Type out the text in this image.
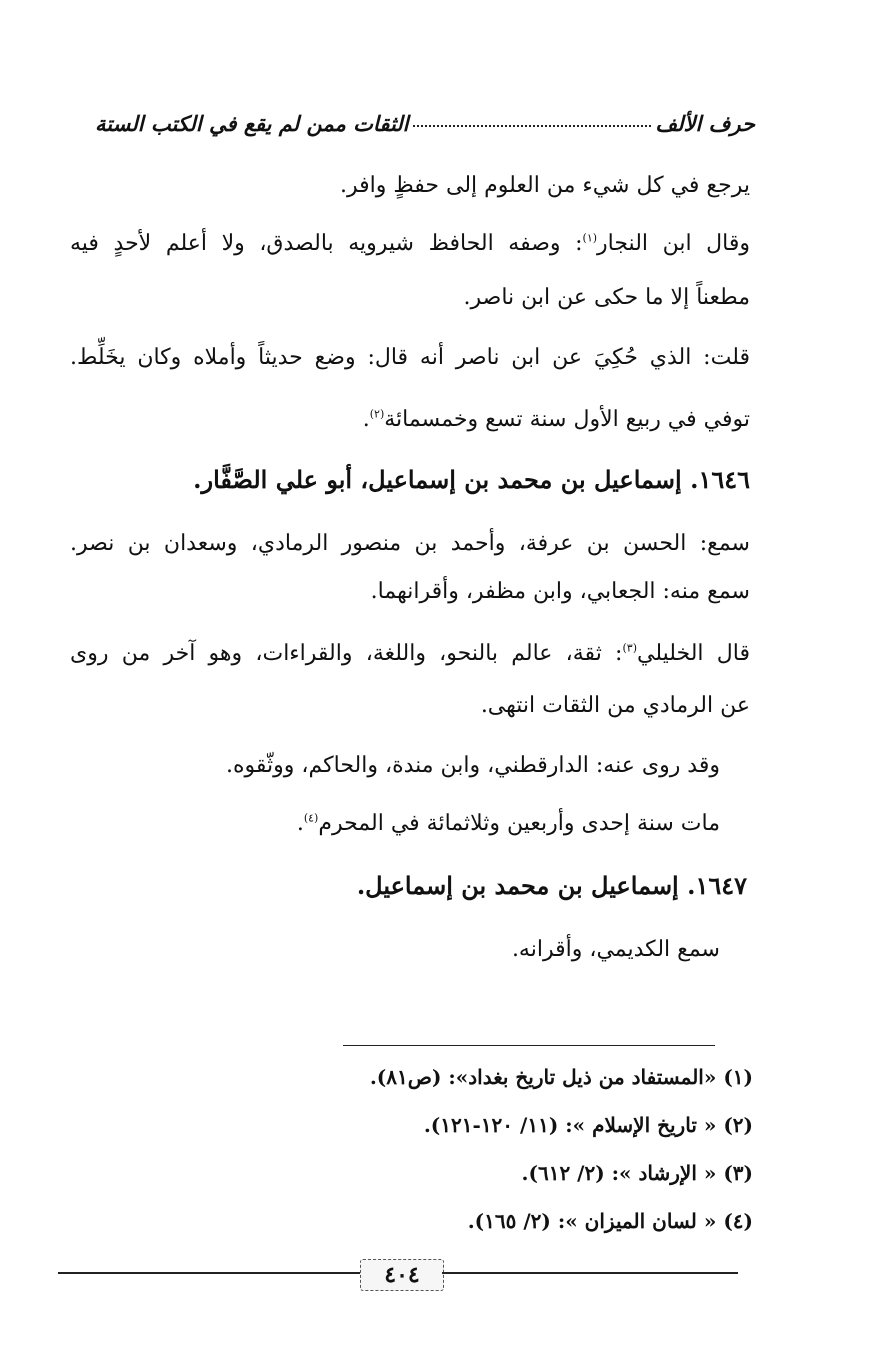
حرف الألف
الثقات ممن لم يقع في الكتب الستة
يرجع في كل شيء من العلوم إلى حفظٍ وافر.
وقال ابن النجار$^{(١)}$: وصفه الحافظ شيرويه بالصدق، ولا أعلم لأحدٍ فيه
مطعناً إلا ما حكى عن ابن ناصر.
قلت: الذي حُكِيَ عن ابن ناصر أنه قال: وضع حديثاً وأملاه وكان يخَلِّط.
توفي في ربيع الأول سنة تسع وخمسمائة$^{(٢)}$.
١٦٤٦. إسماعيل بن محمد بن إسماعيل، أبو علي الصَّفَّار.
سمع: الحسن بن عرفة، وأحمد بن منصور الرمادي، وسعدان بن نصر.
سمع منه: الجعابي، وابن مظفر، وأقرانهما.
قال الخليلي$^{(٣)}$: ثقة، عالم بالنحو، واللغة، والقراءات، وهو آخر من روى
عن الرمادي من الثقات انتهى.
وقد روى عنه: الدارقطني، وابن مندة، والحاكم، ووثّقوه.
مات سنة إحدى وأربعين وثلاثمائة في المحرم$^{(٤)}$.
١٦٤٧. إسماعيل بن محمد بن إسماعيل.
سمع الكديمي، وأقرانه.
(١) «المستفاد من ذيل تاريخ بغداد»: (ص٨١).
(٢) « تاريخ الإسلام »: (١١/ ١٢٠-١٢١).
(٣) « الإرشاد »: (٢/ ٦١٢).
(٤) « لسان الميزان »: (٢/ ١٦٥).
٤٠٤
